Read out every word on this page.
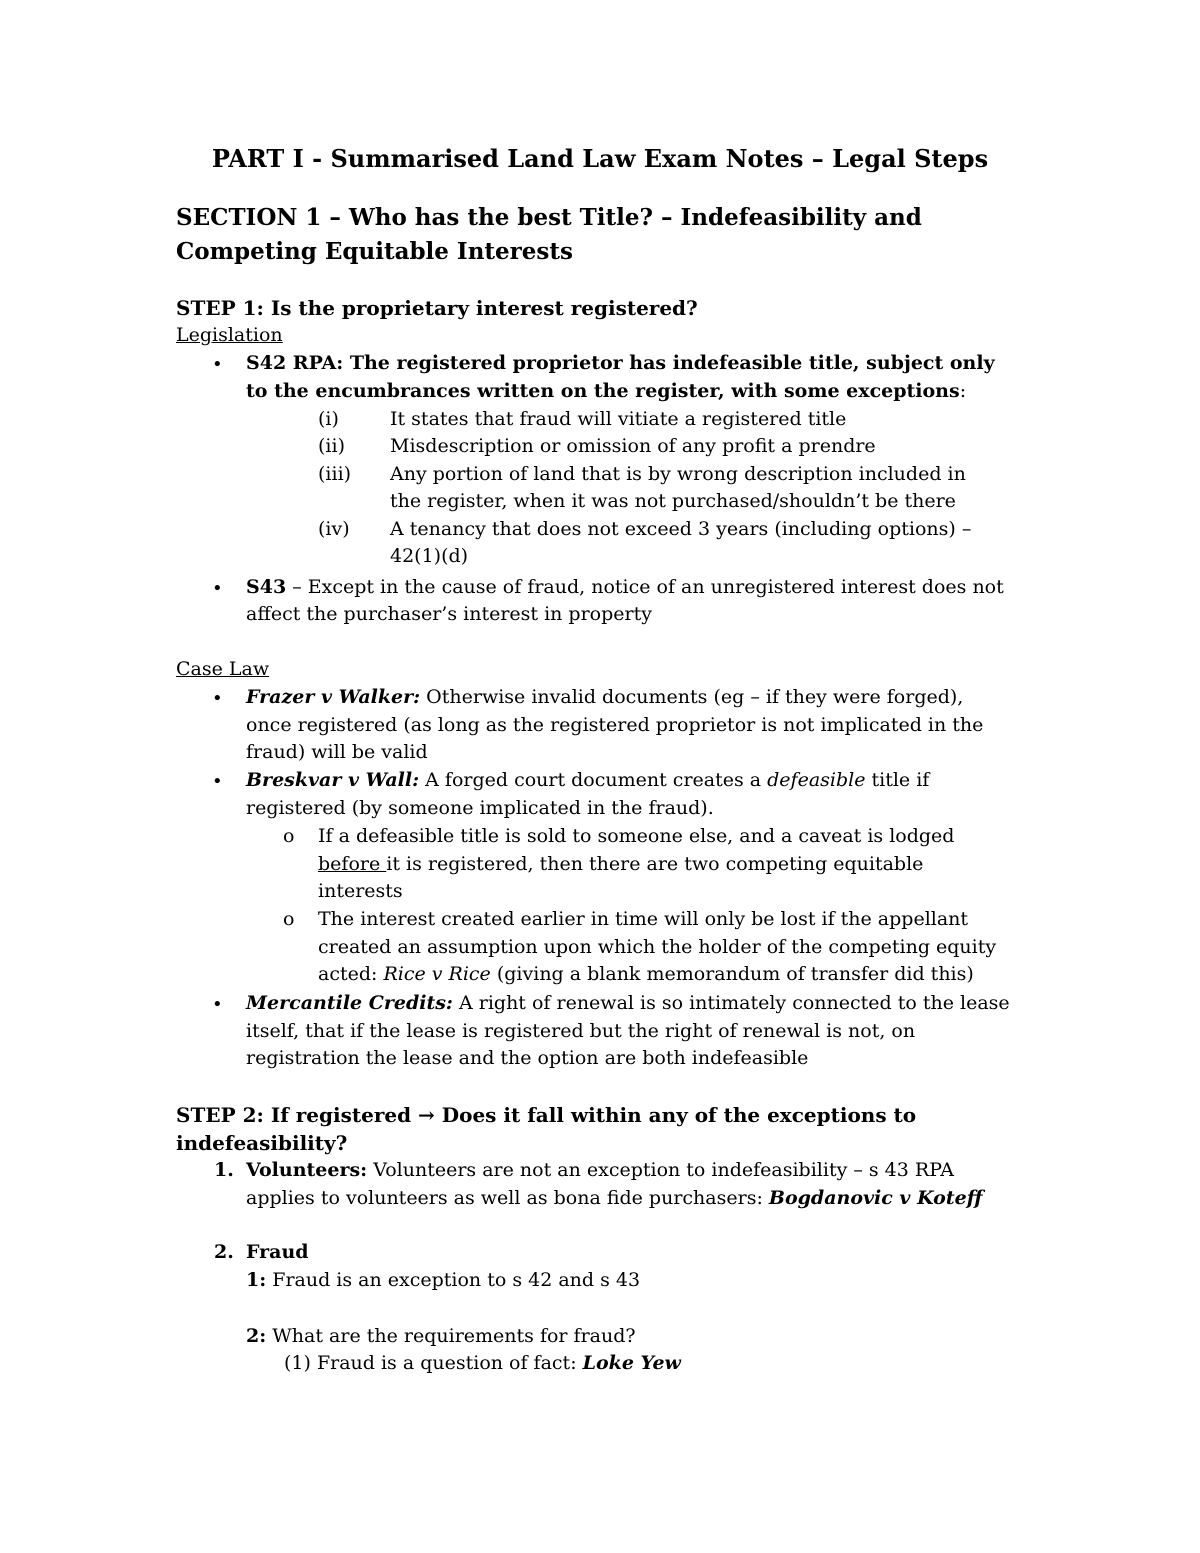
PART I - Summarised Land Law Exam Notes – Legal Steps
SECTION 1 – Who has the best Title? – Indefeasibility and
Competing Equitable Interests
STEP 1: Is the proprietary interest registered?
Legislation
• S42 RPA: The registered proprietor has indefeasible title, subject only
to the encumbrances written on the register, with some exceptions:
(i)	It states that fraud will vitiate a registered title
(ii) Misdescription or omission of any profit a prendre
(iii) Any portion of land that is by wrong description included in
the register, when it was not purchased/shouldn’t be there
(iv) A tenancy that does not exceed 3 years (including options) –
42(1)(d)
• S43 – Except in the cause of fraud, notice of an unregistered interest does not
affect the purchaser’s interest in property
Case Law
• Frazer v Walker: Otherwise invalid documents (eg – if they were forged),
once registered (as long as the registered proprietor is not implicated in the
fraud) will be valid
• Breskvar v Wall: A forged court document creates a defeasible title if
registered (by someone implicated in the fraud).
o If a defeasible title is sold to someone else, and a caveat is lodged
before it is registered, then there are two competing equitable
interests
o The interest created earlier in time will only be lost if the appellant
created an assumption upon which the holder of the competing equity
acted: Rice v Rice (giving a blank memorandum of transfer did this)
• Mercantile Credits: A right of renewal is so intimately connected to the lease
itself, that if the lease is registered but the right of renewal is not, on
registration the lease and the option are both indefeasible
STEP 2: If registered → Does it fall within any of the exceptions to
indefeasibility?
1. Volunteers: Volunteers are not an exception to indefeasibility – s 43 RPA
applies to volunteers as well as bona fide purchasers: Bogdanovic v Koteff
2. Fraud
1: Fraud is an exception to s 42 and s 43
2: What are the requirements for fraud?
(1) Fraud is a question of fact: Loke Yew
